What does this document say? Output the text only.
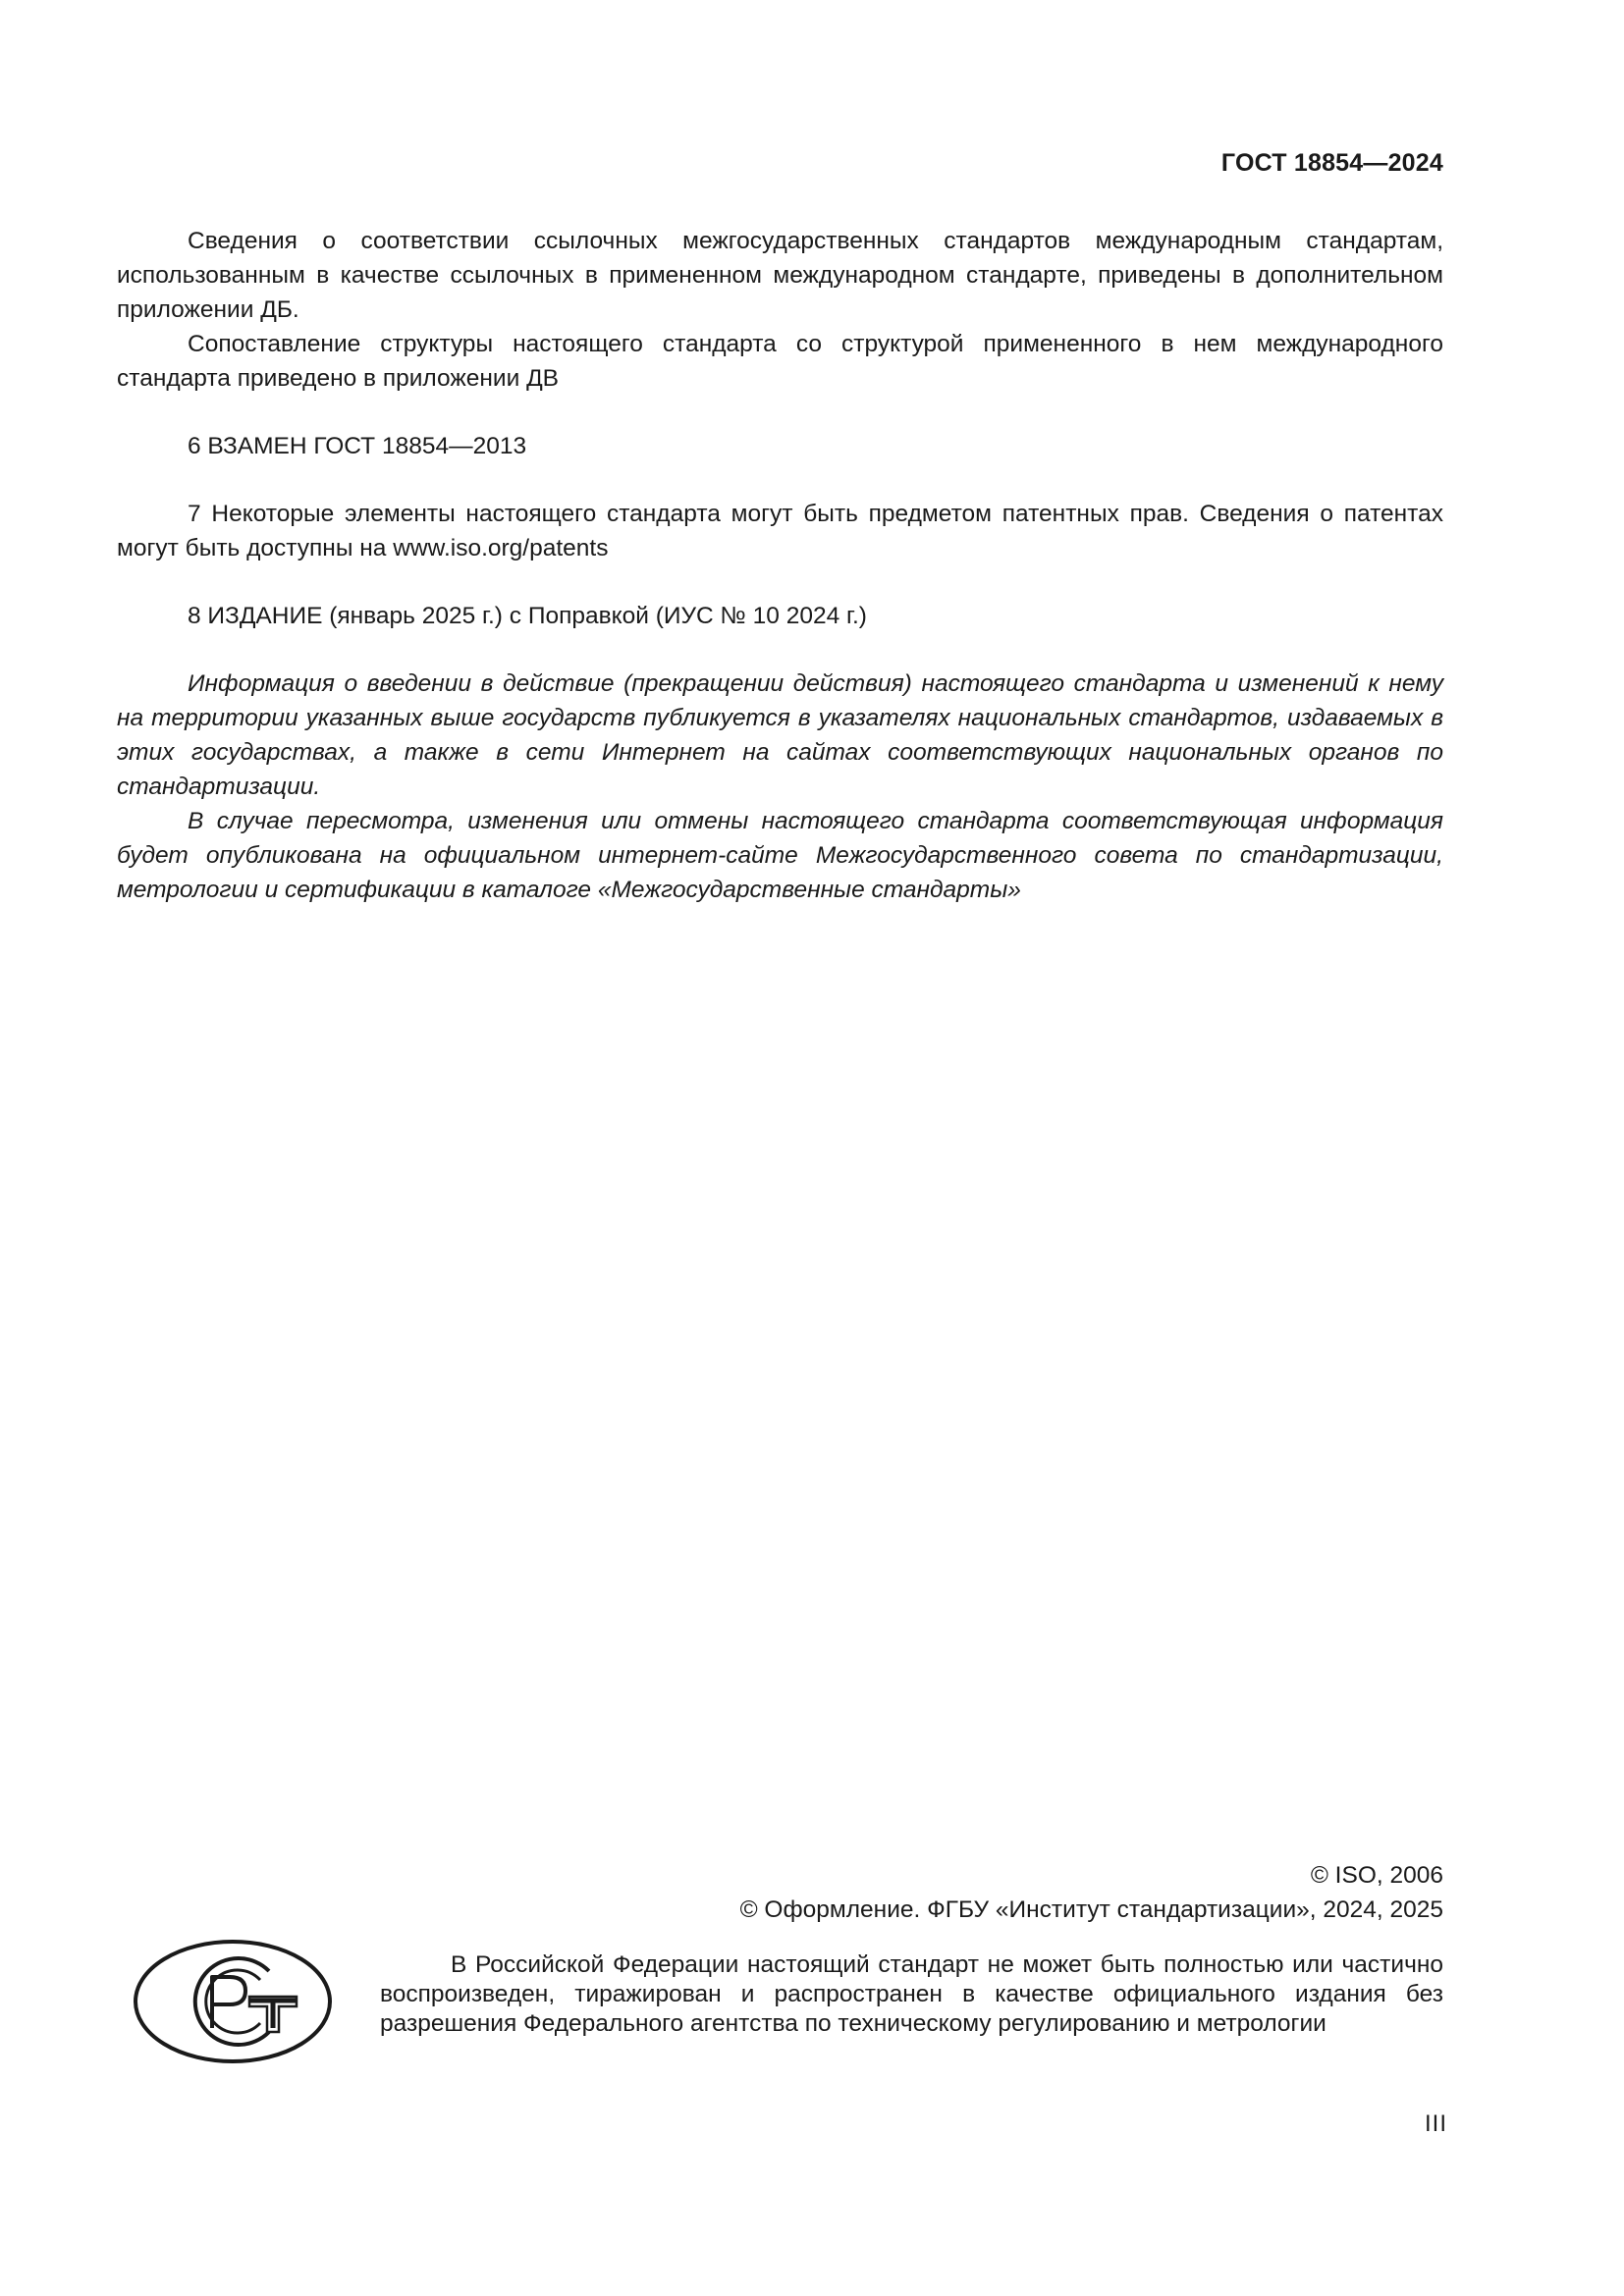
ГОСТ 18854—2024

Сведения о соответствии ссылочных межгосударственных стандартов международным стандартам, использованным в качестве ссылочных в примененном международном стандарте, приведены в дополнительном приложении ДБ.

Сопоставление структуры настоящего стандарта со структурой примененного в нем международного стандарта приведено в приложении ДВ

6 ВЗАМЕН ГОСТ 18854—2013

7 Некоторые элементы настоящего стандарта могут быть предметом патентных прав. Сведения о патентах могут быть доступны на www.iso.org/patents

8 ИЗДАНИЕ (январь 2025 г.) с Поправкой (ИУС № 10 2024 г.)

Информация о введении в действие (прекращении действия) настоящего стандарта и изменений к нему на территории указанных выше государств публикуется в указателях национальных стандартов, издаваемых в этих государствах, а также в сети Интернет на сайтах соответствующих национальных органов по стандартизации.

В случае пересмотра, изменения или отмены настоящего стандарта соответствующая информация будет опубликована на официальном интернет-сайте Межгосударственного совета по стандартизации, метрологии и сертификации в каталоге «Межгосударственные стандарты»

© ISO, 2006
© Оформление. ФГБУ «Институт стандартизации», 2024, 2025
В Российской Федерации настоящий стандарт не может быть полностью или частично воспроизведен, тиражирован и распространен в качестве официального издания без разрешения Федерального агентства по техническому регулированию и метрологии
III
